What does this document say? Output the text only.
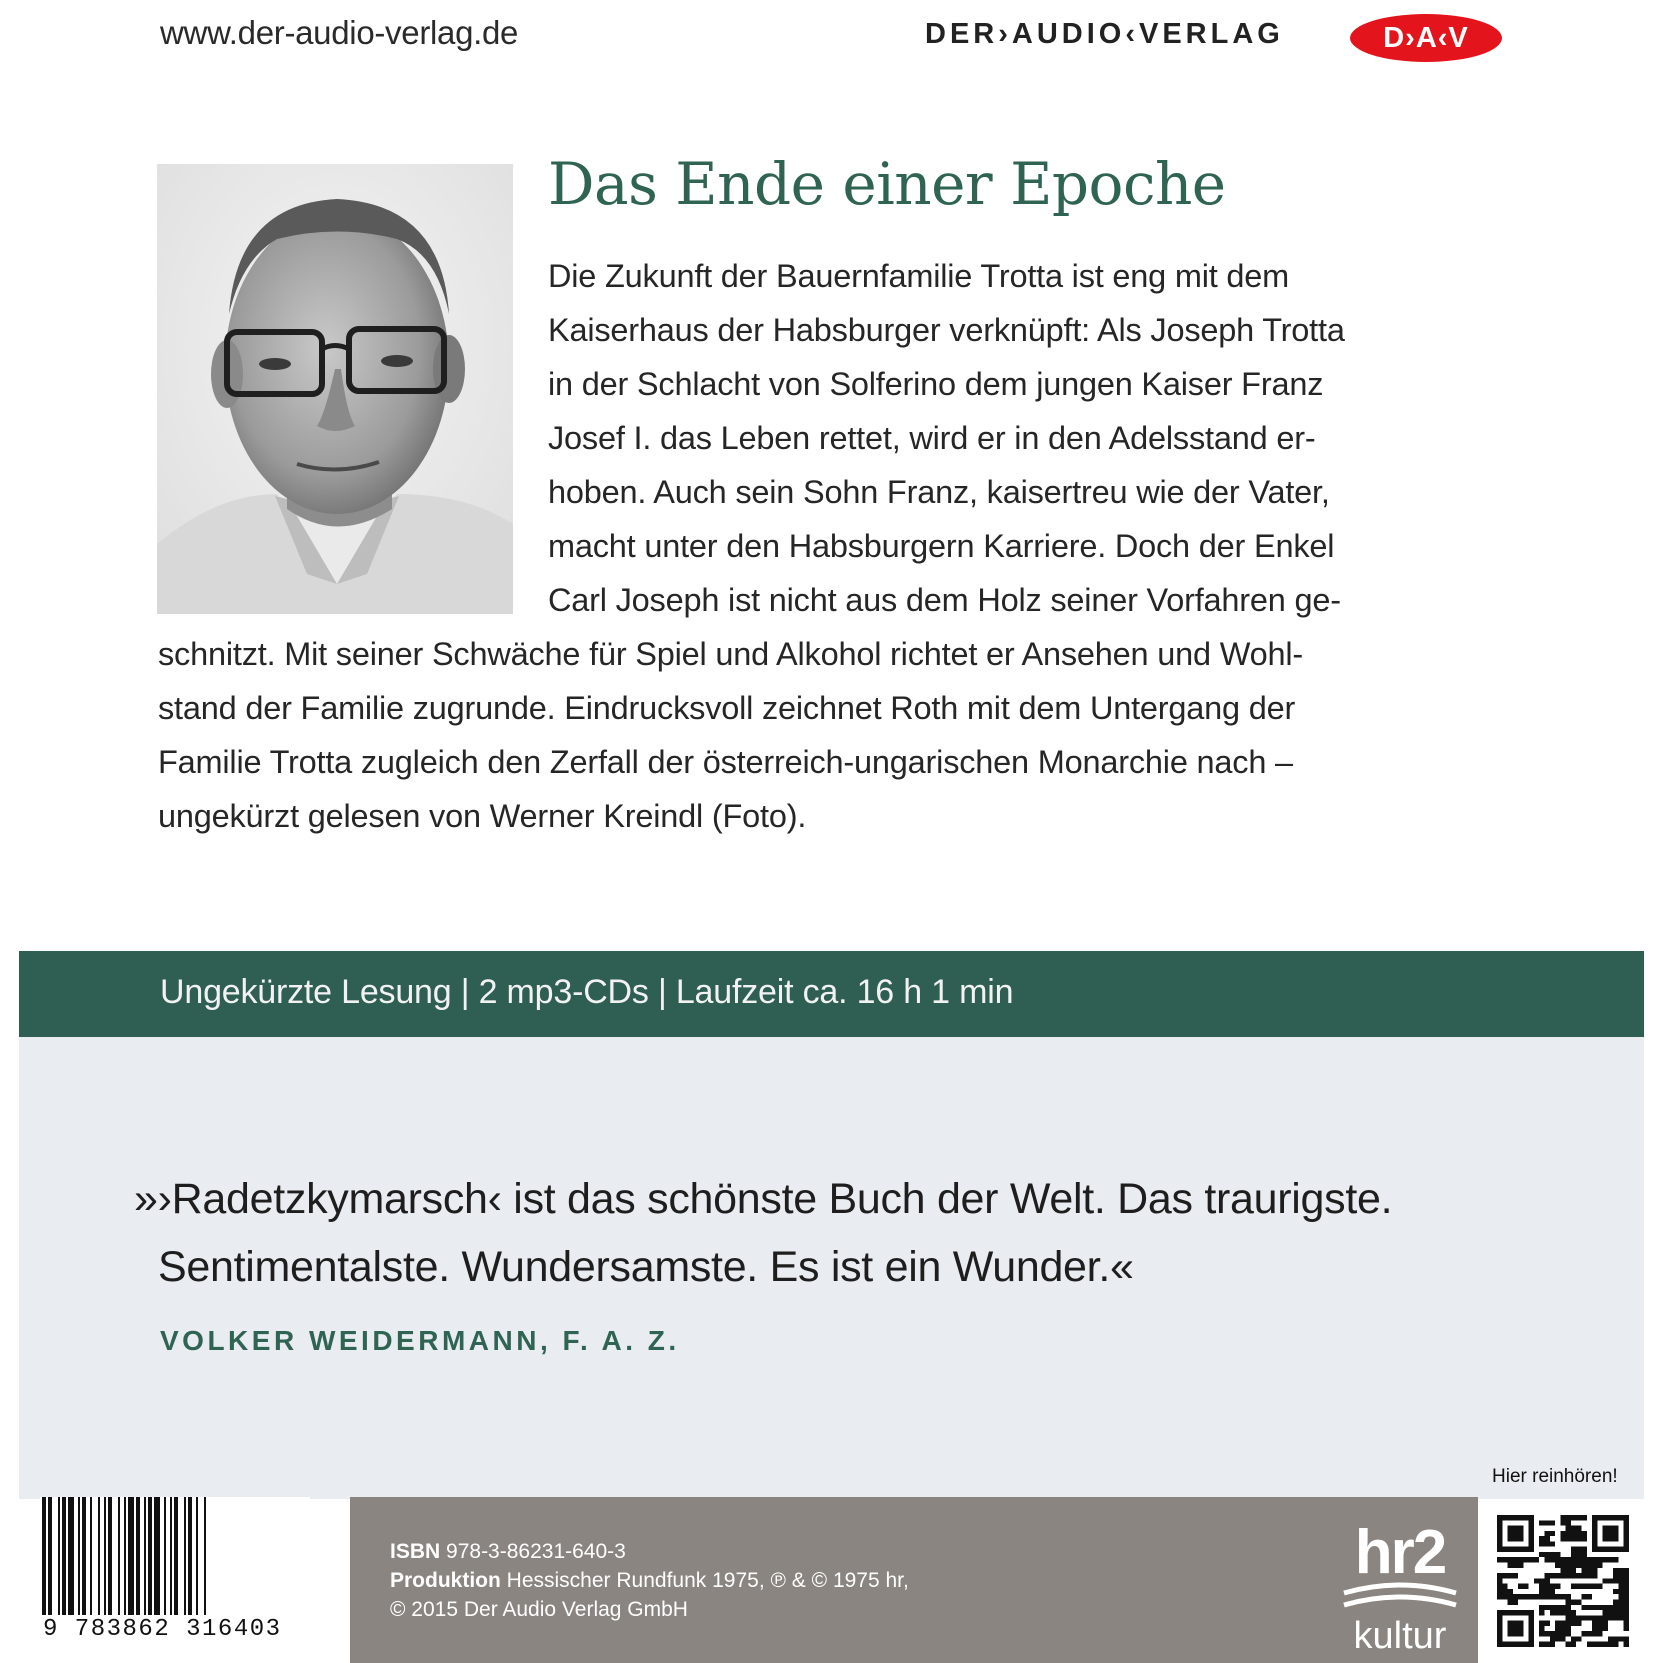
www.der-audio-verlag.de	DER›AUDIO‹VERLAG	D›A‹V
Das Ende einer Epoche
Die Zukunft der Bauernfamilie Trotta ist eng mit dem
Kaiserhaus der Habsburger verknüpft: Als Joseph Trotta
in der Schlacht von Solferino dem jungen Kaiser Franz
Josef I. das Leben rettet, wird er in den Adelsstand er-
hoben. Auch sein Sohn Franz, kaisertreu wie der Vater,
macht unter den Habsburgern Karriere. Doch der Enkel
Carl Joseph ist nicht aus dem Holz seiner Vorfahren ge-
schnitzt. Mit seiner Schwäche für Spiel und Alkohol richtet er Ansehen und Wohl-
stand der Familie zugrunde. Eindrucksvoll zeichnet Roth mit dem Untergang der
Familie Trotta zugleich den Zerfall der österreich-ungarischen Monarchie nach –
ungekürzt gelesen von Werner Kreindl (Foto).
Ungekürzte Lesung | 2 mp3-CDs | Laufzeit ca. 16 h 1 min
»›Radetzkymarsch‹ ist das schönste Buch der Welt. Das traurigste.
Sentimentalste. Wundersamste. Es ist ein Wunder.«
VOLKER WEIDERMANN, F. A. Z.
Hier reinhören!
9 783862 316403
ISBN 978-3-86231-640-3
Produktion Hessischer Rundfunk 1975, ℗ & © 1975 hr,
© 2015 Der Audio Verlag GmbH
hr2
kultur
